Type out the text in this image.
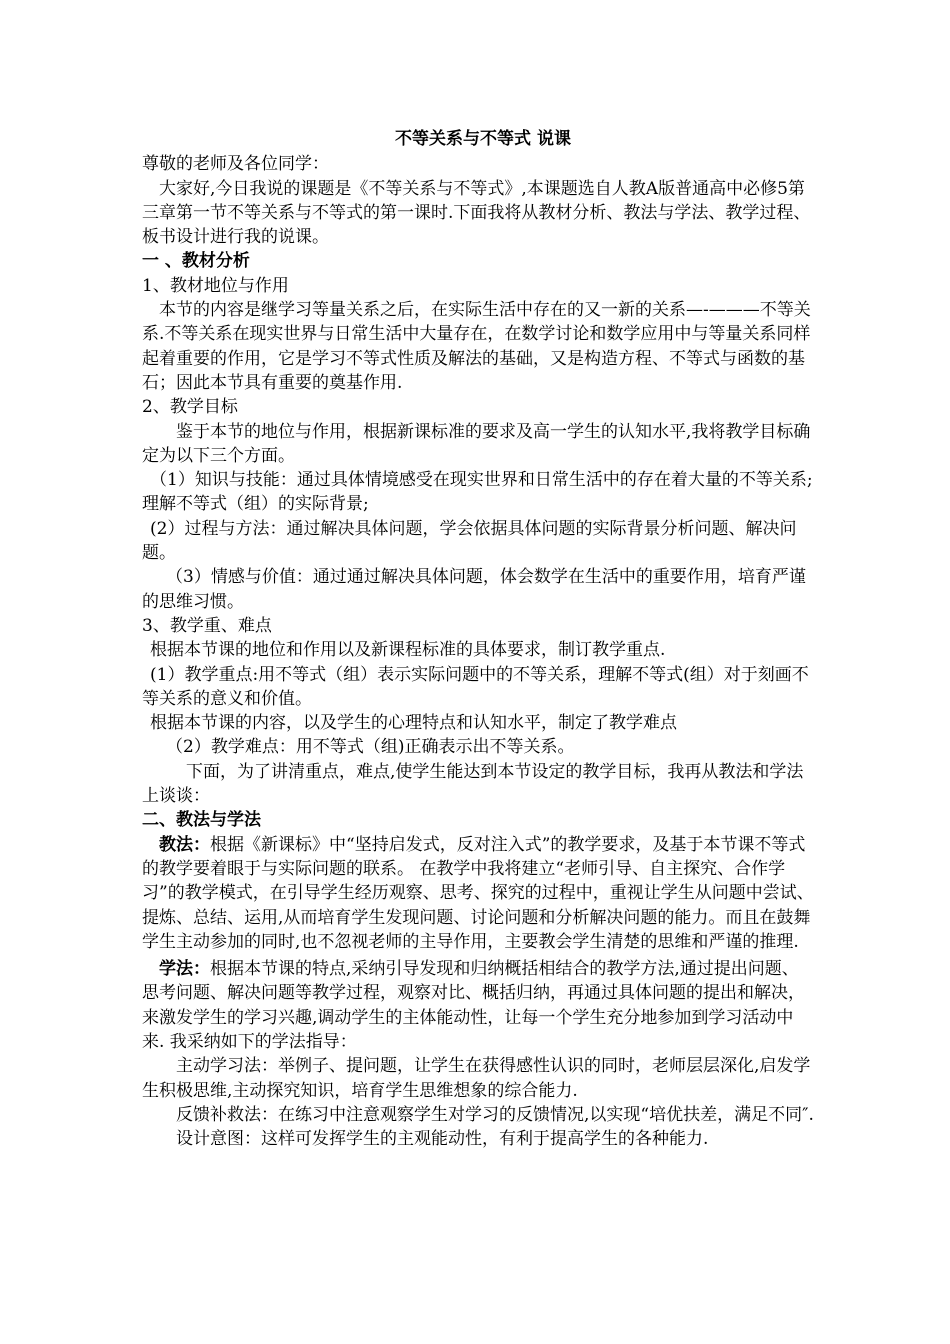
不等关系与不等式 说课

尊敬的老师及各位同学：

大家好,今日我说的课题是《不等关系与不等式》,本课题选自人教A版普通高中必修5第三章第一节不等关系与不等式的第一课时.下面我将从教材分析、教法与学法、教学过程、板书设计进行我的说课。

一 、教材分析

1、教材地位与作用

本节的内容是继学习等量关系之后，在实际生活中存在的又一新的关系—-———不等关系.不等关系在现实世界与日常生活中大量存在，在数学讨论和数学应用中与等量关系同样起着重要的作用，它是学习不等式性质及解法的基础，又是构造方程、不等式与函数的基石；因此本节具有重要的奠基作用.

2、教学目标

鉴于本节的地位与作用，根据新课标准的要求及高一学生的认知水平,我将教学目标确定为以下三个方面。

（1）知识与技能：通过具体情境感受在现实世界和日常生活中的存在着大量的不等关系;理解不等式（组）的实际背景;

(2）过程与方法：通过解决具体问题，学会依据具体问题的实际背景分析问题、解决问题。

（3）情感与价值：通过通过解决具体问题，体会数学在生活中的重要作用，培育严谨的思维习惯。

3、教学重、难点

根据本节课的地位和作用以及新课程标准的具体要求，制订教学重点.

(1）教学重点:用不等式（组）表示实际问题中的不等关系，理解不等式(组）对于刻画不等关系的意义和价值。

根据本节课的内容，以及学生的心理特点和认知水平，制定了教学难点

（2）教学难点：用不等式（组)正确表示出不等关系。

下面，为了讲清重点，难点,使学生能达到本节设定的教学目标，我再从教法和学法上谈谈：

二、教法与学法

教法：根据《新课标》中“坚持启发式，反对注入式”的教学要求，及基于本节课不等式的教学要着眼于与实际问题的联系。 在教学中我将建立“老师引导、自主探究、合作学习”的教学模式，在引导学生经历观察、思考、探究的过程中，重视让学生从问题中尝试、提炼、总结、运用,从而培育学生发现问题、讨论问题和分析解决问题的能力。而且在鼓舞学生主动参加的同时,也不忽视老师的主导作用，主要教会学生清楚的思维和严谨的推理.

学法：根据本节课的特点,采纳引导发现和归纳概括相结合的教学方法,通过提出问题、思考问题、解决问题等教学过程，观察对比、概括归纳，再通过具体问题的提出和解决，来激发学生的学习兴趣,调动学生的主体能动性，让每一个学生充分地参加到学习活动中来. 我采纳如下的学法指导：

主动学习法：举例子、提问题，让学生在获得感性认识的同时，老师层层深化,启发学生积极思维,主动探究知识，培育学生思维想象的综合能力.

反馈补救法：在练习中注意观察学生对学习的反馈情况,以实现“培优扶差，满足不同″.

设计意图：这样可发挥学生的主观能动性，有利于提高学生的各种能力.
